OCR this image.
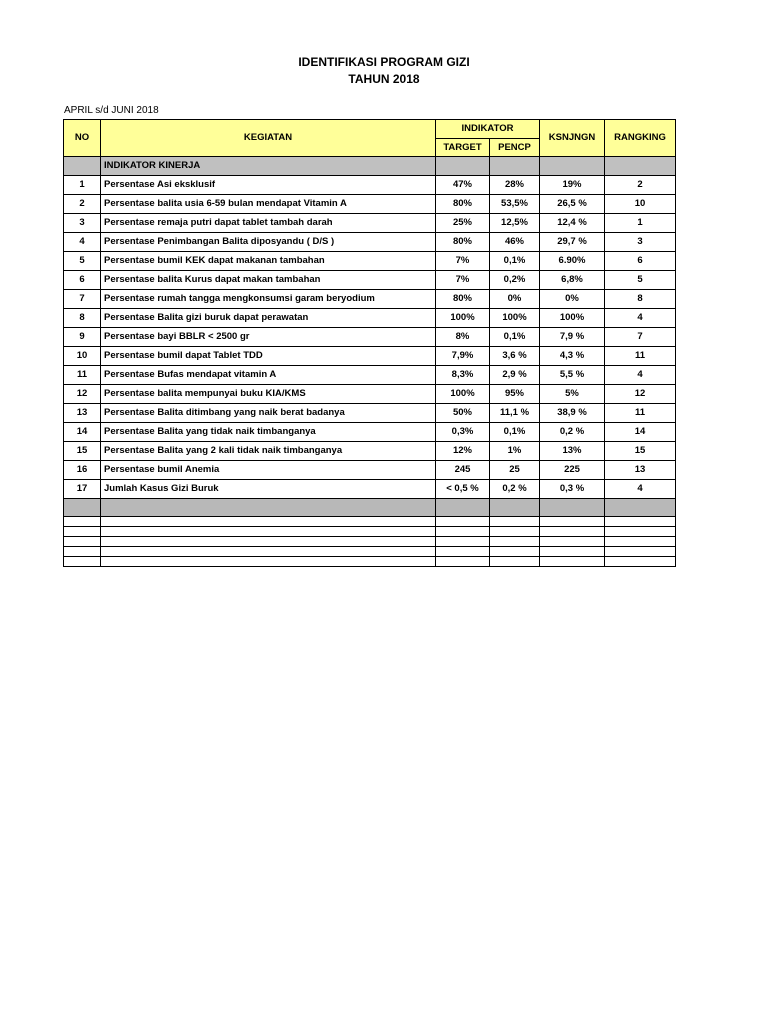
IDENTIFIKASI PROGRAM GIZI
TAHUN 2018
APRIL s/d JUNI 2018
NO	KEGIATAN	INDIKATOR		KSNJNGN	RANGKING
		TARGET	PENCP		
	INDIKATOR KINERJA				
1	Persentase Asi eksklusif	47%	28%	19%	2
2	Persentase balita usia 6-59 bulan mendapat Vitamin A	80%	53,5%	26,5 %	10
3	Persentase remaja putri dapat tablet tambah darah	25%	12,5%	12,4 %	1
4	Persentase Penimbangan Balita diposyandu ( D/S )	80%	46%	29,7 %	3
5	Persentase bumil KEK dapat makanan tambahan	7%	0,1%	6.90%	6
6	Persentase balita Kurus dapat makan tambahan	7%	0,2%	6,8%	5
7	Persentase rumah tangga mengkonsumsi garam beryodium	80%	0%	0%	8
8	Persentase Balita gizi buruk dapat perawatan	100%	100%	100%	4
9	Persentase bayi BBLR < 2500 gr	8%	0,1%	7,9 %	7
10	Persentase bumil dapat Tablet TDD	7,9%	3,6 %	4,3 %	11
11	Persentase Bufas mendapat vitamin A	8,3%	2,9 %	5,5 %	4
12	Persentase balita mempunyai buku KIA/KMS	100%	95%	5%	12
13	Persentase Balita ditimbang yang naik berat badanya	50%	11,1 %	38,9 %	11
14	Persentase Balita yang tidak naik timbanganya	0,3%	0,1%	0,2 %	14
15	Persentase Balita yang 2 kali tidak naik timbanganya	12%	1%	13%	15
16	Persentase bumil Anemia	245	25	225	13
17	Jumlah Kasus Gizi Buruk	< 0,5 %	0,2 %	0,3 %	4
